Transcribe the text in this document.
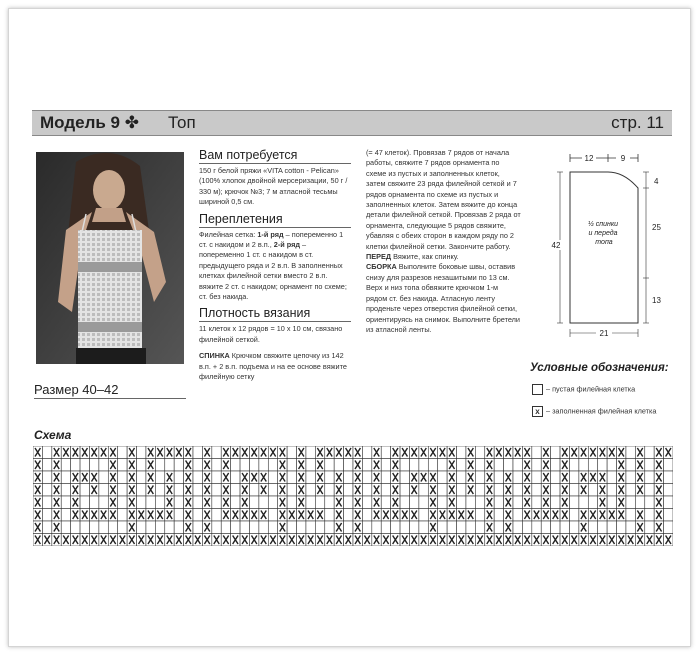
Модель 9 ✤ Топ	стр. 11
Размер 40–42
Вам потребуется

150 г белой пряжи «VITA cotton - Pelican» (100% хлопок двойной мерсеризации, 50 г / 330 м); крючок №3; 7 м атласной тесьмы шириной 0,5 см.

Переплетения

Филейная сетка: 1-й ряд – попеременно 1 ст. с накидом и 2 в.п., 2-й ряд – попеременно 1 ст. с накидом в ст. предыдущего ряда и 2 в.п. В заполненных клетках филейной сетки вместо 2 в.п. вяжите 2 ст. с накидом; орнамент по схеме; ст. без накида.

Плотность вязания

11 клеток x 12 рядов = 10 x 10 см, связано филейной сеткой.

СПИНКА Крючком свяжите цепочку из 142 в.п. + 2 в.п. подъема и на ее основе вяжите филейную сетку

(= 47 клеток). Провязав 7 рядов от начала работы, свяжите 7 рядов орнамента по схеме из пустых и заполненных клеток, затем свяжите 23 ряда филейной сеткой и 7 рядов орнамента по схеме из пустых и заполненных клеток. Затем вяжите до конца детали филейной сеткой. Провязав 2 ряда от орнамента, следующие 5 рядов свяжите, убавляя с обеих сторон в каждом ряду по 2 клетки филейной сетки. Закончите работу.

ПЕРЕД Вяжите, как спинку.

СБОРКА Выполните боковые швы, оставив снизу для разрезов незашитыми по 13 см. Верх и низ топа обвяжите крючком 1-м рядом ст. без накида. Атласную ленту проденьте через отверстия филейной сетки, ориентируясь на снимок. Выполните бретели из атласной ленты.

12	9
4
25
13
42
21
½ спинки и переда топа
Условные обозначения:
– пустая филейная клетка
x – заполненная филейная клетка
Схема
